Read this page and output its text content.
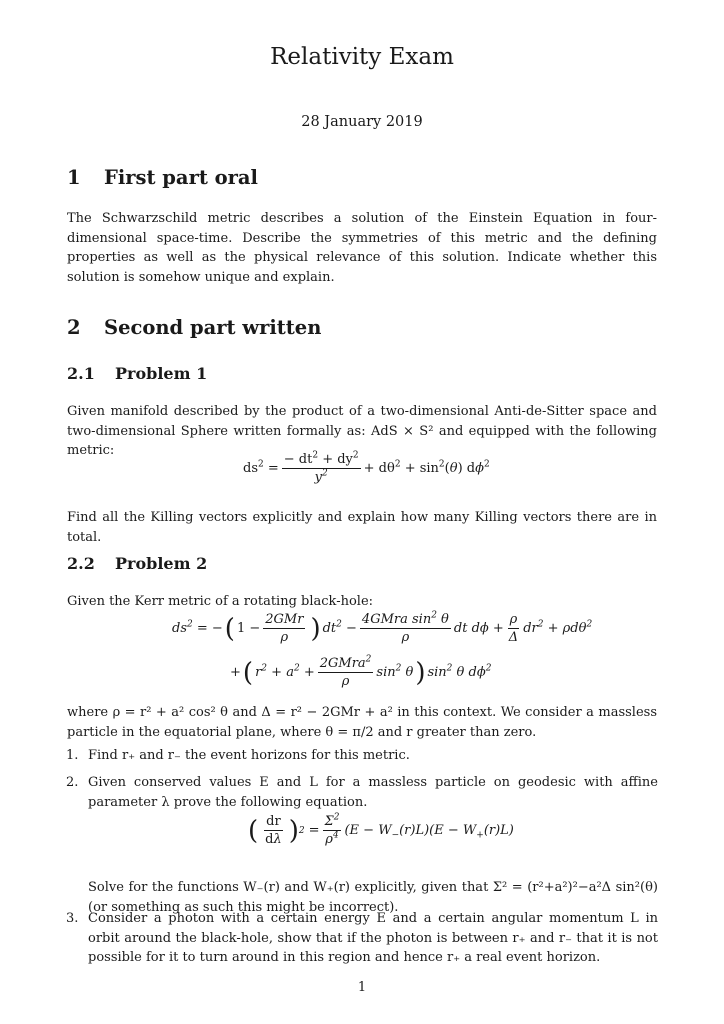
Relativity Exam
28 January 2019
1 First part oral

The Schwarzschild metric describes a solution of the Einstein Equation in four-dimensional space-time. Describe the symmetries of this metric and the defining properties as well as the physical relevance of this solution. Indicate whether this solution is somehow unique and explain.

2 Second part written
2.1 Problem 1

Given manifold described by the product of a two-dimensional Anti-de-Sitter space and two-dimensional Sphere written formally as: AdS × S² and equipped with the following metric:

$ds^2 = \frac{- dt^2 + dy^2}{y^2} + d\theta^2 + \sin^2(\theta)$ $d\phi^2$

Find all the Killing vectors explicitly and explain how many Killing vectors there are in total.

2.2 Problem 2

Given the Kerr metric of a rotating black-hole:

$ds^2$ = − ( $1 - \frac{\text{2GMr}}{\rho}$ ) $dt^2 - \frac{4GMra \sin^2 \theta}{\rho}$ dt $d\phi + \frac{\rho}{\Delta} dr^2 + \rho d\theta^2$
+ ( $r^2 + a^2 + \frac{2GMra^2}{\rho} \sin^2 \theta$ ) $\sin^2 \theta$ $d\phi^2$

where ρ = r² + a² cos² θ and Δ = r² − 2GMr + a² in this context. We consider a massless particle in the equatorial plane, where θ = π/2 and r greater than zero.

1. Find r₊ and r₋ the event horizons for this metric.
2. Given conserved values E and L for a massless particle on geodesic with affine parameter λ prove the following equation.
Solve for the functions W₋(r) and W₊(r) explicitly, given that Σ² = (r²+a²)²−a²Δ sin²(θ) (or something as such this might be incorrect).
3. Consider a photon with a certain energy E and a certain angular momentum L in orbit around the black-hole, show that if the photon is between r₊ and r₋ that it is not possible for it to turn around in this region and hence r₊ a real event horizon.
( $\frac{dr}{d\lambda}$ ) $2 = \frac{\Sigma^2}{\rho^4} (E - W_-(r)L)(E - W_+(r)L)$
1
